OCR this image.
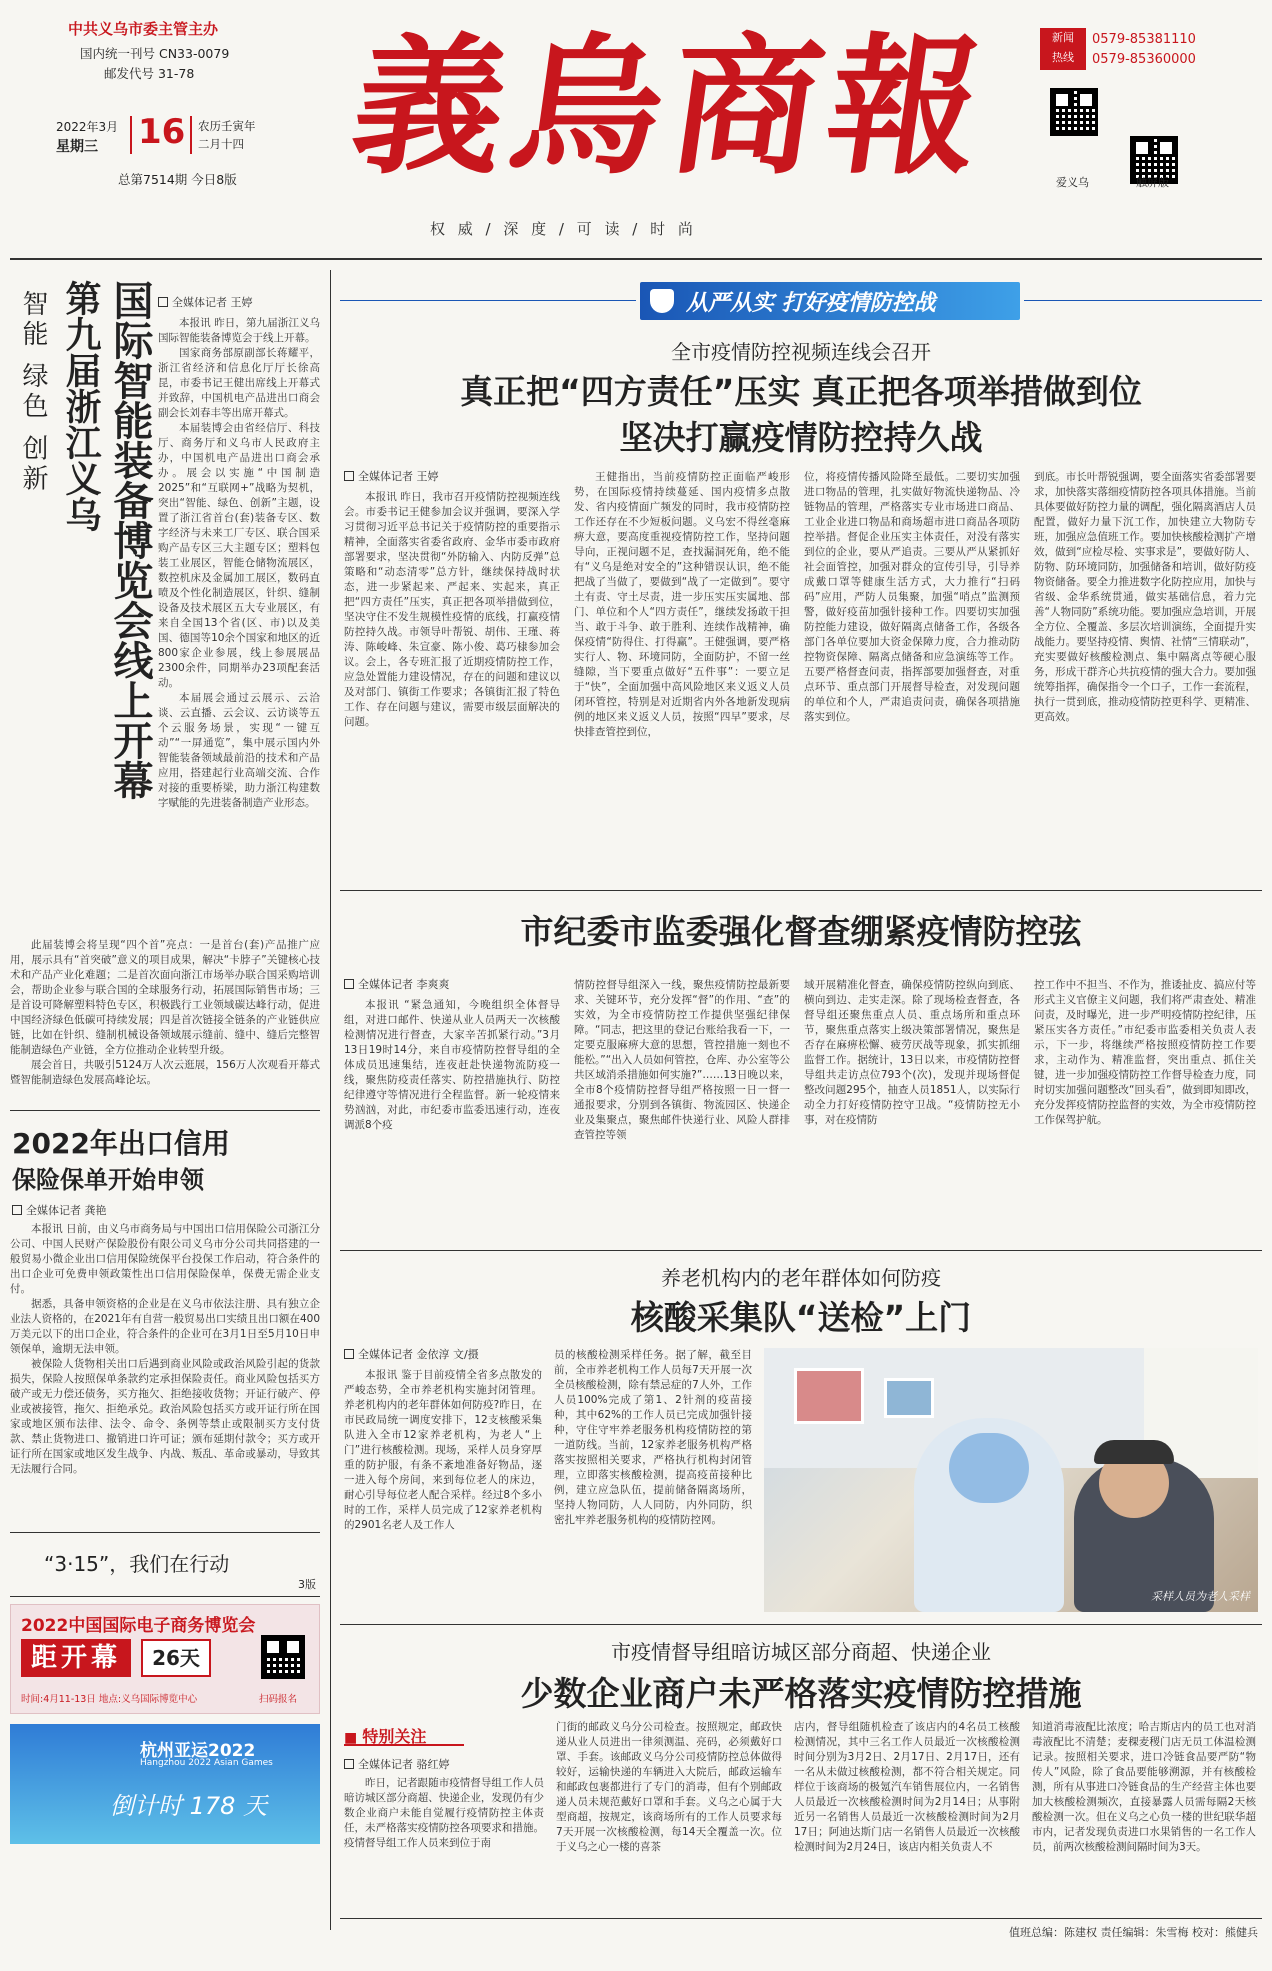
中共义乌市委主管主办
国内统一刊号 CN33-0079
邮发代号 31-78
2022年3月
星期三 16 农历壬寅年
二月十四
总第7514期 今日8版 義烏商報
权 威 / 深 度 / 可 读 / 时 尚
新闻
热线
0579-85381110
0579-85360000
爱义乌	触屏版
智能 绿色 创新 第九届浙江义乌 国际智能装备博览会线上开幕 全媒体记者 王婷

本报讯 昨日，第九届浙江义乌国际智能装备博览会于线上开幕。

国家商务部原副部长蒋耀平，浙江省经济和信息化厅厅长徐高昆，市委书记王健出席线上开幕式并致辞，中国机电产品进出口商会副会长刘春丰等出席开幕式。

本届装博会由省经信厅、科技厅、商务厅和义乌市人民政府主办，中国机电产品进出口商会承办。展会以实施“中国制造2025”和“互联网+”战略为契机，突出“智能、绿色、创新”主题，设置了浙江省首台(套)装备专区、数字经济与未来工厂专区、联合国采购产品专区三大主题专区；塑料包装工业展区，智能仓储物流展区，数控机床及金属加工展区，数码直喷及个性化制造展区，针织、缝制设备及技术展区五大专业展区，有来自全国13个省(区、市)以及美国、德国等10余个国家和地区的近800家企业参展，线上参展展品2300余件，同期举办23项配套活动。

本届展会通过云展示、云洽谈、云直播、云会议、云访谈等五个云服务场景，实现“一键互动”“一屏通览”，集中展示国内外智能装备领域最前沿的技术和产品应用，搭建起行业高端交流、合作对接的重要桥梁，助力浙江构建数字赋能的先进装备制造产业形态。

此届装博会将呈现“四个首”亮点：一是首台(套)产品推广应用，展示具有“首突破”意义的项目成果，解决“卡脖子”关键核心技术和产品产业化难题；二是首次面向浙江市场举办联合国采购培训会，帮助企业参与联合国的全球服务行动，拓展国际销售市场；三是首设可降解塑料特色专区，积极践行工业领域碳达峰行动，促进中国经济绿色低碳可持续发展；四是首次链接全链条的产业链供应链，比如在针织、缝制机械设备领域展示缝前、缝中、缝后完整智能制造绿色产业链，全方位推动企业转型升级。

展会首日，共吸引5124万人次云逛展，156万人次观看开幕式暨智能制造绿色发展高峰论坛。

2022年出口信用
保险保单开始申领
全媒体记者 龚艳

本报讯 日前，由义乌市商务局与中国出口信用保险公司浙江分公司、中国人民财产保险股份有限公司义乌市分公司共同搭建的一般贸易小微企业出口信用保险统保平台投保工作启动，符合条件的出口企业可免费申领政策性出口信用保险保单，保费无需企业支付。

据悉，具备申领资格的企业是在义乌市依法注册、具有独立企业法人资格的，在2021年有自营一般贸易出口实绩且出口额在400万美元以下的出口企业，符合条件的企业可在3月1日至5月10日申领保单，逾期无法申领。

被保险人货物相关出口后遇到商业风险或政治风险引起的货款损失，保险人按照保单条款约定承担保险责任。商业风险包括买方破产或无力偿还债务，买方拖欠、拒绝接收货物；开证行破产、停业或被接管，拖欠、拒绝承兑。政治风险包括买方或开证行所在国家或地区颁布法律、法令、命令、条例等禁止或限制买方支付货款、禁止货物进口、撤销进口许可证；颁布延期付款令；买方或开证行所在国家或地区发生战争、内战、叛乱、革命或暴动，导致其无法履行合同。

“3·15”，我们在行动
3版
2022中国国际电子商务博览会
距开幕	26天
时间:4月11-13日 地点:义乌国际博览中心	扫码报名
杭州亚运2022
Hangzhou 2022 Asian Games
倒计时 178 天
从严从实 打好疫情防控战
全市疫情防控视频连线会召开
真正把“四方责任”压实 真正把各项举措做到位
坚决打赢疫情防控持久战
全媒体记者 王婷

本报讯 昨日，我市召开疫情防控视频连线会。市委书记王健参加会议并强调，要深入学习贯彻习近平总书记关于疫情防控的重要指示精神，全面落实省委省政府、金华市委市政府部署要求，坚决贯彻“外防输入、内防反弹”总策略和“动态清零”总方针，继续保持战时状态，进一步紧起来、严起来、实起来，真正把“四方责任”压实，真正把各项举措做到位，坚决守住不发生规模性疫情的底线，打赢疫情防控持久战。市领导叶帮锐、胡伟、王瑾、蒋涛、陈峻峰、朱宣豪、陈小俊、葛巧棣参加会议。会上，各专班汇报了近期疫情防控工作，应急处置能力建设情况，存在的问题和建议以及对部门、镇街工作要求；各镇街汇报了特色工作、存在问题与建议，需要市级层面解决的问题。

王健指出，当前疫情防控正面临严峻形势，在国际疫情持续蔓延、国内疫情多点散发、省内疫情面广频发的同时，我市疫情防控工作还存在不少短板问题。义乌宏不得丝毫麻痹大意，要高度重视疫情防控工作，坚持问题导向，正视问题不足，查找漏洞死角，绝不能有“义乌是绝对安全的”这种错误认识，绝不能把战了当做了，要做到“战了一定做到”。要守土有责、守土尽责，进一步压实压实属地、部门、单位和个人“四方责任”，继续发扬敢干担当、敢于斗争、敢于胜利、连续作战精神，确保疫情“防得住、打得赢”。王健强调，要严格实行人、物、环境同防，全面防护，不留一丝缝隙，当下要重点做好“五件事”：一要立足于“快”，全面加强中高风险地区来义返义人员闭环管控，特别是对近期省内外各地新发现病例的地区来义返义人员，按照“四早”要求，尽快排查管控到位，

位，将疫情传播风险降至最低。二要切实加强进口物品的管理，扎实做好物流快递物品、冷链物品的管理，严格落实专业市场进口商品、工业企业进口物品和商场超市进口商品各项防控举措。督促企业压实主体责任，对没有落实到位的企业，要从严追责。三要从严从紧抓好社会面管控，加强对群众的宣传引导，引导养成戴口罩等健康生活方式，大力推行“扫码码”应用，严防人员集聚，加强“哨点”监测预警，做好疫苗加强针接种工作。四要切实加强防控能力建设，做好隔离点储备工作，各级各部门各单位要加大资金保障力度，合力推动防控物资保障、隔离点储备和应急演练等工作。五要严格督查问责，指挥部要加强督查，对重点环节、重点部门开展督导检查，对发现问题的单位和个人，严肃追责问责，确保各项措施落实到位。

到底。市长叶帮锐强调，要全面落实省委部署要求，加快落实落细疫情防控各项具体措施。当前具体要做好防控力量的调配，强化隔离酒店人员配置，做好力量下沉工作，加快建立大物防专班，加强应急值班工作。要加快核酸检测扩产增效，做到“应检尽检、实事求是”，要做好防人、防物、防环境同防，加强储备和培训，做好防疫物资储备。要全力推进数字化防控应用，加快与省级、金华系统贯通，做实基础信息，着力完善“人物同防”系统功能。要加强应急培训，开展全方位、全覆盖、多层次培训演练，全面提升实战能力。要坚持疫情、舆情、社情“三情联动”，充实要做好核酸检测点、集中隔离点等硬心服务，形成干群齐心共抗疫情的强大合力。要加强统筹指挥，确保指令一个口子，工作一套流程，执行一贯到底，推动疫情防控更科学、更精准、更高效。

市纪委市监委强化督查绷紧疫情防控弦
全媒体记者 李爽爽

本报讯 “紧急通知，今晚组织全体督导组，对进口邮件、快递从业人员两天一次核酸检测情况进行督查，大家辛苦抓紧行动。”3月13日19时14分，来自市疫情防控督导组的全体成员迅速集结，连夜赶赴快递物流防疫一线，聚焦防疫责任落实、防控措施执行、防控纪律遵守等情况进行全程监督。新一轮疫情来势汹汹，对此，市纪委市监委迅速行动，连夜调派8个疫

情防控督导组深入一线，聚焦疫情防控最新要求、关键环节，充分发挥“督”的作用、“查”的实效，为全市疫情防控工作提供坚强纪律保障。“同志，把这里的登记台账给我看一下，一定要克服麻痹大意的思想，管控措施一刻也不能松。”“出入人员如何管控，仓库、办公室等公共区域消杀措施如何实施?”……13日晚以来，全市8个疫情防控督导组严格按照一日一督一通报要求，分别到各镇街、物流园区、快递企业及集聚点，聚焦邮件快递行业、风险人群排查管控等领

域开展精准化督查，确保疫情防控纵向到底、横向到边、走实走深。除了现场检查督查，各督导组还聚焦重点人员、重点场所和重点环节，聚焦重点落实上级决策部署情况，聚焦是否存在麻痹松懈、疲劳厌战等现象，抓实抓细监督工作。据统计，13日以来，市疫情防控督导组共走访点位793个(次)，发现并现场督促整改问题295个，抽查人员1851人，以实际行动全力打好疫情防控守卫战。“疫情防控无小事，对在疫情防

控工作中不担当、不作为，推诿扯皮、搞应付等形式主义官僚主义问题，我们将严肃查处、精准问责，及时曝光，进一步严明疫情防控纪律，压紧压实各方责任。”市纪委市监委相关负责人表示，下一步，将继续严格按照疫情防控工作要求，主动作为、精准监督，突出重点、抓住关键，进一步加强疫情防控工作督导检查力度，同时切实加强问题整改“回头看”，做到即知即改，充分发挥疫情防控监督的实效，为全市疫情防控工作保驾护航。

养老机构内的老年群体如何防疫
核酸采集队“送检”上门
全媒体记者 金依淳 文/摄

本报讯 鉴于目前疫情全省多点散发的严峻态势，全市养老机构实施封闭管理。养老机构内的老年群体如何防疫?昨日，在市民政局统一调度安排下，12支核酸采集队进入全市12家养老机构，为老人“上门”进行核酸检测。现场，采样人员身穿厚重的防护服，有条不紊地准备好物品，逐一进入每个房间，来到每位老人的床边，耐心引导每位老人配合采样。经过8个多小时的工作，采样人员完成了12家养老机构的2901名老人及工作人

员的核酸检测采样任务。据了解，截至目前，全市养老机构工作人员每7天开展一次全员核酸检测，除有禁忌症的7人外，工作人员100%完成了第1、2针剂的疫苗接种，其中62%的工作人员已完成加强针接种，守住守牢养老服务机构疫情防控的第一道防线。当前，12家养老服务机构严格落实按照相关要求，严格执行机构封闭管理，立即落实核酸检测，提高疫苗接种比例，建立应急队伍，提前储备隔离场所，坚持人物同防，人人同防，内外同防，织密扎牢养老服务机构的疫情防控网。

采样人员为老人采样
市疫情督导组暗访城区部分商超、快递企业
少数企业商户未严格落实疫情防控措施
■ 特别关注
全媒体记者 骆红婷

昨日，记者跟随市疫情督导组工作人员暗访城区部分商超、快递企业，发现仍有少数企业商户未能自觉履行疫情防控主体责任，未严格落实疫情防控各项要求和措施。疫情督导组工作人员来到位于南

门街的邮政义乌分公司检查。按照规定，邮政快递从业人员进出一律须测温、亮码，必须戴好口罩、手套。该邮政义乌分公司疫情防控总体做得较好，运输快递的车辆进入大院后，邮政运输车和邮政包裹都进行了专门的消毒，但有个别邮政递人员未规范戴好口罩和手套。义乌之心属于大型商超，按规定，该商场所有的工作人员要求每7天开展一次核酸检测，每14天全覆盖一次。位于义乌之心一楼的喜茶

店内，督导组随机检查了该店内的4名员工核酸检测情况，其中三名工作人员最近一次核酸检测时间分别为3月2日、2月17日、2月17日，还有一名从未做过核酸检测，都不符合相关规定。同样位于该商场的极氪汽车销售展位内，一名销售人员最近一次核酸检测时间为2月14日；从事附近另一名销售人员最近一次核酸检测时间为2月17日；阿迪达斯门店一名销售人员最近一次核酸检测时间为2月24日，该店内相关负责人不

知道消毒液配比浓度；哈吉斯店内的员工也对消毒液配比不清楚；麦稞麦稷门店无员工体温检测记录。按照相关要求，进口冷链食品要严防“物传人”风险，除了食品要能够溯源，并有核酸检测，所有从事进口冷链食品的生产经营主体也要加大核酸检测频次，直接暴露人员需每隔2天核酸检测一次。但在义乌之心负一楼的世纪联华超市内，记者发现负责进口水果销售的一名工作人员，前两次核酸检测间隔时间为3天。

值班总编：陈建权 责任编辑：朱雪梅 校对：熊健兵
